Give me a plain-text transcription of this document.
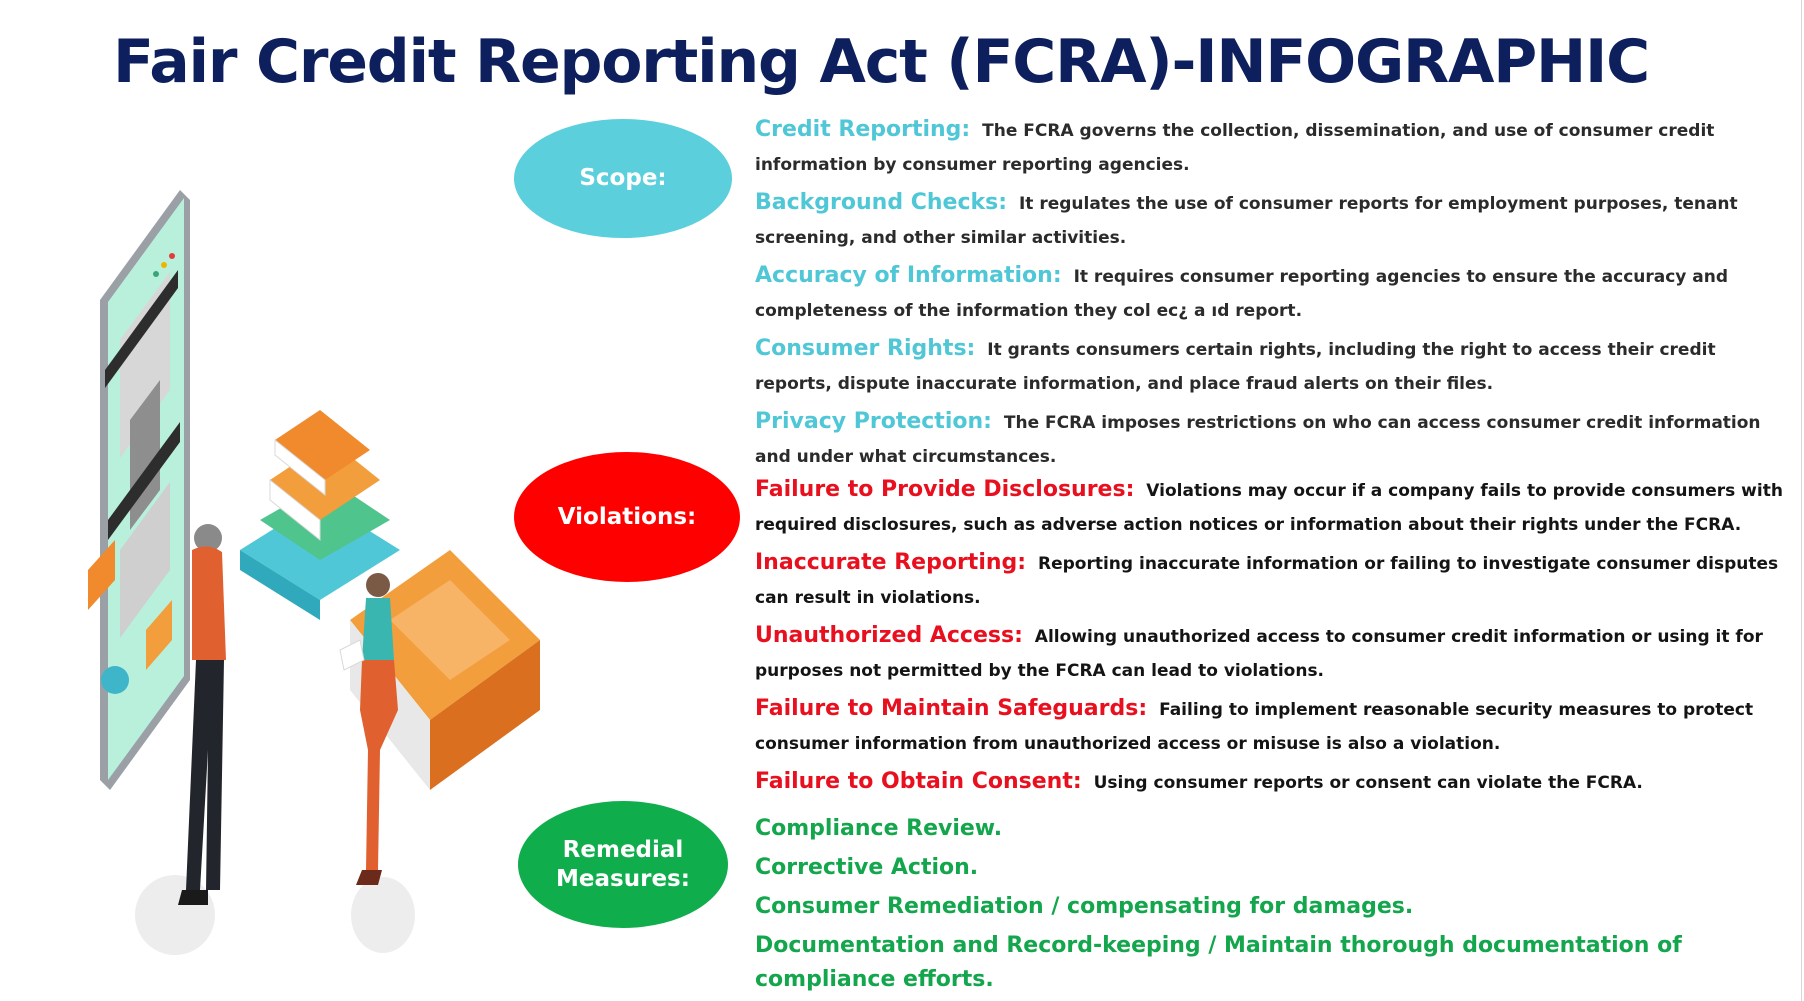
Fair Credit Reporting Act (FCRA)-INFOGRAPHIC
Scope:

Credit Reporting: The FCRA governs the collection, dissemination, and use of consumer credit information by consumer reporting agencies.

Background Checks: It regulates the use of consumer reports for employment purposes, tenant screening, and other similar activities.

Accuracy of Information: It requires consumer reporting agencies to ensure the accuracy and completeness of the information they col ec¿ a ıd report.

Consumer Rights: It grants consumers certain rights, including the right to access their credit reports, dispute inaccurate information, and place fraud alerts on their files.

Privacy Protection: The FCRA imposes restrictions on who can access consumer credit information and under what circumstances.

Violations:

Failure to Provide Disclosures: Violations may occur if a company fails to provide consumers with required disclosures, such as adverse action notices or information about their rights under the FCRA.

Inaccurate Reporting: Reporting inaccurate information or failing to investigate consumer disputes can result in violations.

Unauthorized Access: Allowing unauthorized access to consumer credit information or using it for purposes not permitted by the FCRA can lead to violations.

Failure to Maintain Safeguards: Failing to implement reasonable security measures to protect consumer information from unauthorized access or misuse is also a violation.

Failure to Obtain Consent: Using consumer reports or consent can violate the FCRA.

Remedial
Measures:

Compliance Review.

Corrective Action.

Consumer Remediation / compensating for damages.

Documentation and Record-keeping / Maintain thorough documentation of compliance efforts.
